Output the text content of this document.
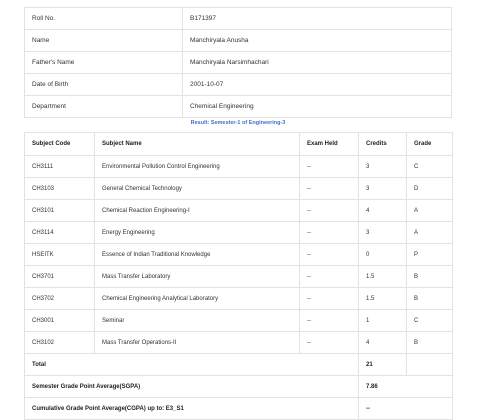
Roll No.	B171397
Name	Manchiryala Anusha
Father's Name	Manchiryala Narsimhachari
Date of Birth	2001-10-07
Department	Chemical Engineering
Result: Semester-1 of Engineering-3
Subject Code	Subject Name	Exam Held	Credits	Grade
CH3111	Environmental Pollution Control Engineering	--	3	C
CH3103	General Chemical Technology	--	3	D
CH3101	Chemical Reaction Engineering-I	--	4	A
CH3114	Energy Engineering	--	3	A
HSEITK	Essence of Indian Traditional Knowledge	--	0	P
CH3701	Mass Transfer Laboratory	--	1.5	B
CH3702	Chemical Engineering Analytical Laboratory	--	1.5	B
CH3001	Seminar	--	1	C
CH3102	Mass Transfer Operations-II	--	4	B
Total			21	
Semester Grade Point Average(SGPA)			7.86	
Cumulative Grade Point Average(CGPA) up to: E3_S1			--	
